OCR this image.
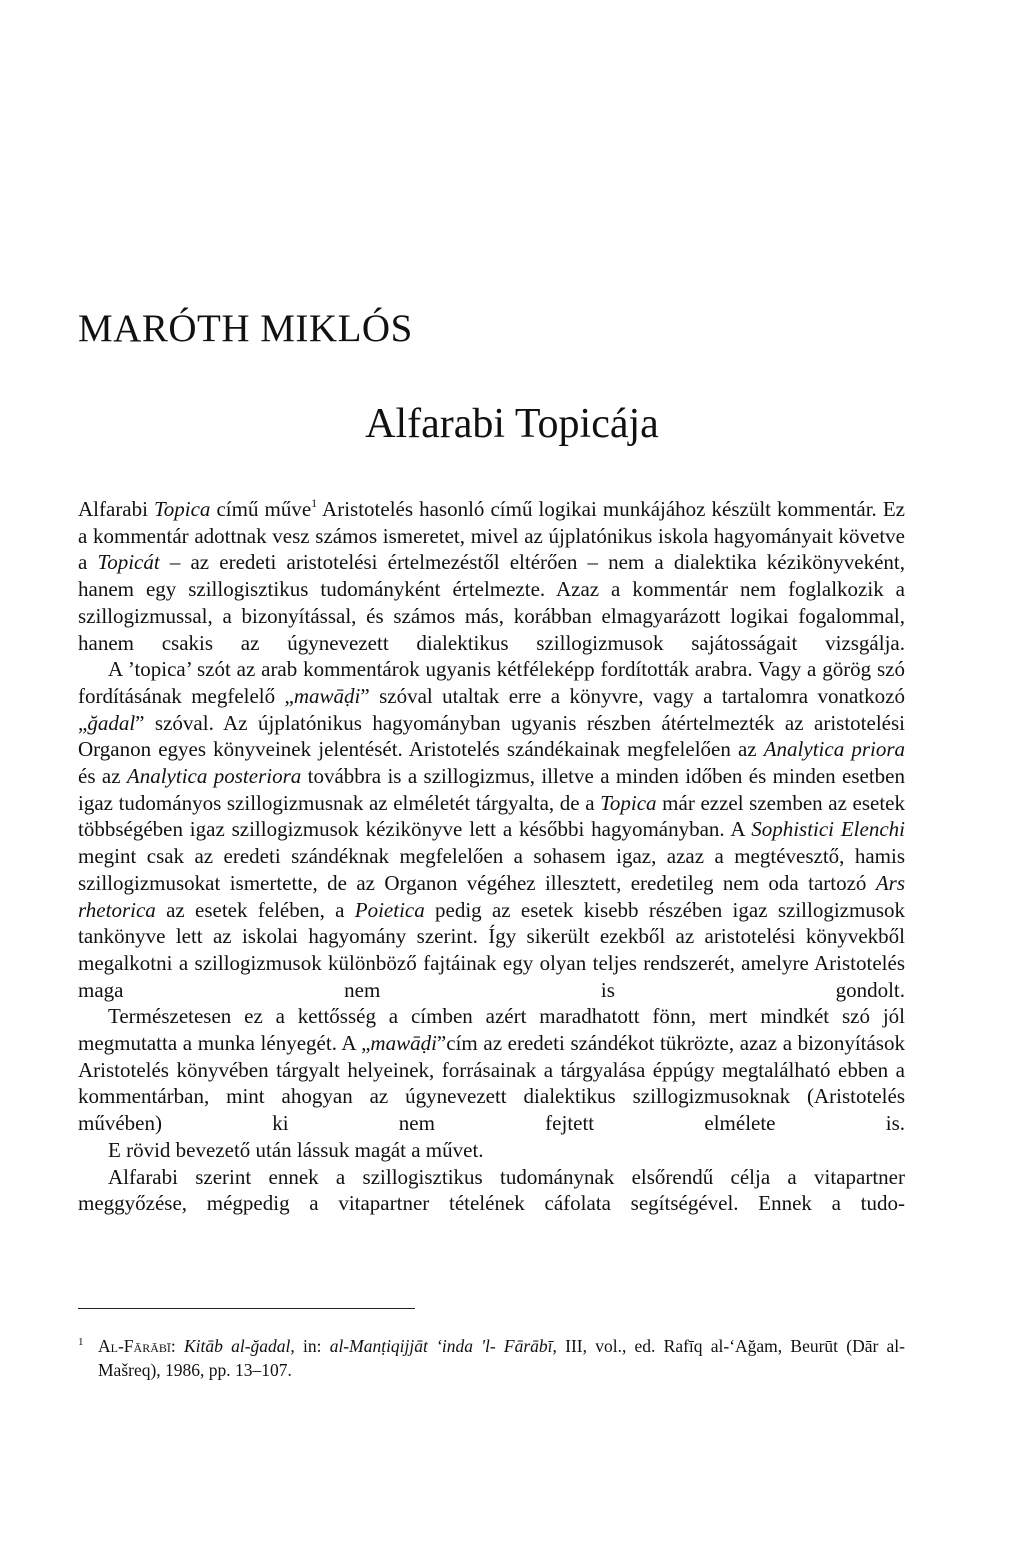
MARÓTH MIKLÓS
Alfarabi Topicája

Alfarabi Topica című műve$^1$ Aristotelés hasonló című logikai munkájához készült kommentár. Ez a kommentár adottnak vesz számos ismeretet, mivel az újplatónikus iskola hagyományait követve a Topicát – az eredeti aristotelési értelmezéstől eltérően – nem a dialektika kézikönyveként, hanem egy szillogisztikus tudományként értelmezte. Azaz a kommentár nem foglalkozik a szillogizmussal, a bizonyítással, és számos más, korábban elmagyarázott logikai fogalommal, hanem csakis az úgynevezett dialektikus szillogizmusok sajátosságait vizsgálja.

A ’topica’ szót az arab kommentárok ugyanis kétféleképp fordították arabra. Vagy a görög szó fordításának megfelelő „mawāḍi” szóval utaltak erre a könyvre, vagy a tartalomra vonatkozó „ğadal” szóval. Az újplatónikus hagyományban ugyanis részben átértelmezték az aristotelési Organon egyes könyveinek jelentését. Aristotelés szándékainak megfelelően az Analytica priora és az Analytica posteriora továbbra is a szillogizmus, illetve a minden időben és minden esetben igaz tudományos szillogizmusnak az elméletét tárgyalta, de a Topica már ezzel szemben az esetek többségében igaz szillogizmusok kézikönyve lett a későbbi hagyományban. A Sophistici Elenchi megint csak az eredeti szándéknak megfelelően a sohasem igaz, azaz a megtévesztő, hamis szillogizmusokat ismertette, de az Organon végéhez illesztett, eredetileg nem oda tartozó Ars rhetorica az esetek felében, a Poietica pedig az esetek kisebb részében igaz szillogizmusok tankönyve lett az iskolai hagyomány szerint. Így sikerült ezekből az aristotelési könyvekből megalkotni a szillogizmusok különböző fajtáinak egy olyan teljes rendszerét, amelyre Aristotelés maga nem is gondolt.

Természetesen ez a kettősség a címben azért maradhatott fönn, mert mindkét szó jól megmutatta a munka lényegét. A „mawāḍi”cím az eredeti szándékot tükrözte, azaz a bizonyítások Aristotelés könyvében tárgyalt helyeinek, forrásainak a tárgyalása éppúgy megtalálható ebben a kommentárban, mint ahogyan az úgynevezett dialektikus szillogizmusoknak (Aristotelés művében) ki nem fejtett elmélete is.

E rövid bevezető után lássuk magát a művet.

Alfarabi szerint ennek a szillogisztikus tudománynak elsőrendű célja a vitapartner meggyőzése, mégpedig a vitapartner tételének cáfolata segítségével. Ennek a tudo-

1 Al-Fārābī: Kitāb al-ğadal, in: al-Manṭiqijjāt ʻinda 'l- Fārābī, III, vol., ed. Rafīq al-ʻAğam, Beurūt (Dār al-Mašreq), 1986, pp. 13–107.
